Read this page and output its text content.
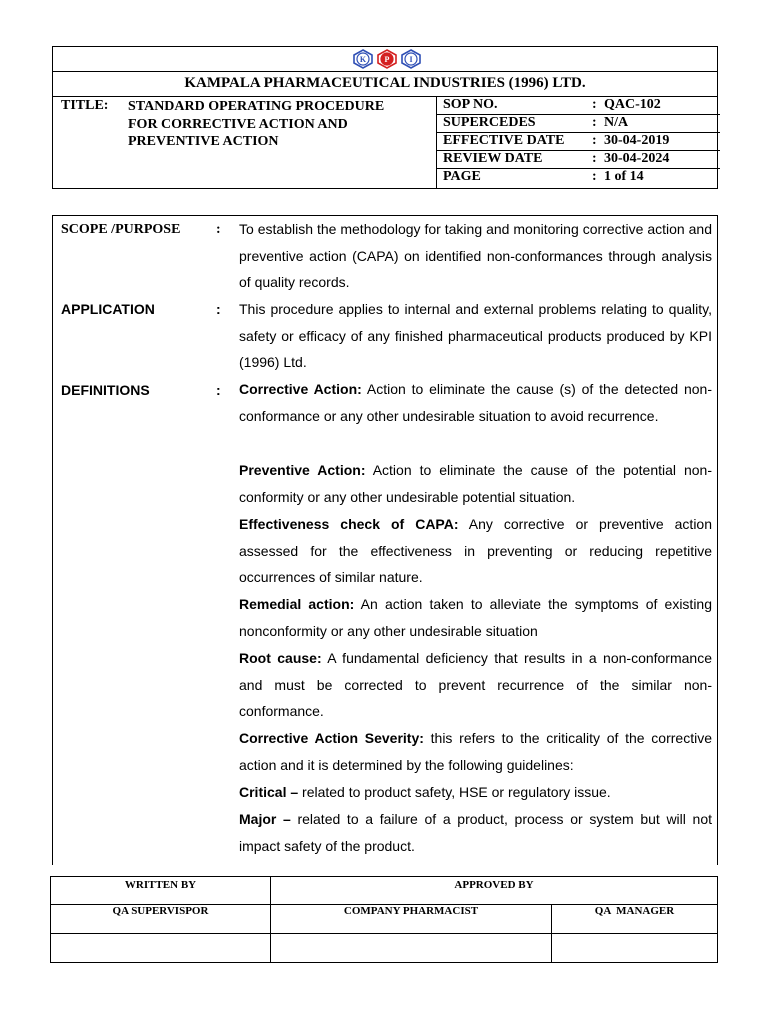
K P I
KAMPALA PHARMACEUTICAL INDUSTRIES (1996) LTD.
TITLE: STANDARD OPERATING PROCEDURE
FOR CORRECTIVE ACTION AND
PREVENTIVE ACTION
SOP NO.	: QAC-102
SUPERCEDES	: N/A
EFFECTIVE DATE : 30-04-2019
REVIEW DATE	: 30-04-2024
PAGE	: 1 of 14
SCOPE /PURPOSE	: To establish the methodology for taking and monitoring corrective action and preventive action (CAPA) on identified non-conformances through analysis of quality records.
APPLICATION	: This procedure applies to internal and external problems relating to quality, safety or efficacy of any finished pharmaceutical products produced by KPI (1996) Ltd.
DEFINITIONS	: Corrective Action: Action to eliminate the cause (s) of the detected non-conformance or any other undesirable situation to avoid recurrence.
Preventive Action: Action to eliminate the cause of the potential non-conformity or any other undesirable potential situation.
Effectiveness check of CAPA: Any corrective or preventive action assessed for the effectiveness in preventing or reducing repetitive occurrences of similar nature.
Remedial action: An action taken to alleviate the symptoms of existing nonconformity or any other undesirable situation
Root cause: A fundamental deficiency that results in a non-conformance and must be corrected to prevent recurrence of the similar non-conformance.
Corrective Action Severity: this refers to the criticality of the corrective action and it is determined by the following guidelines:
Critical – related to product safety, HSE or regulatory issue.
Major – related to a failure of a product, process or system but will not impact safety of the product.
WRITTEN BY	APPROVED BY
QA SUPERVISPOR	COMPANY PHARMACIST	QA  MANAGER
